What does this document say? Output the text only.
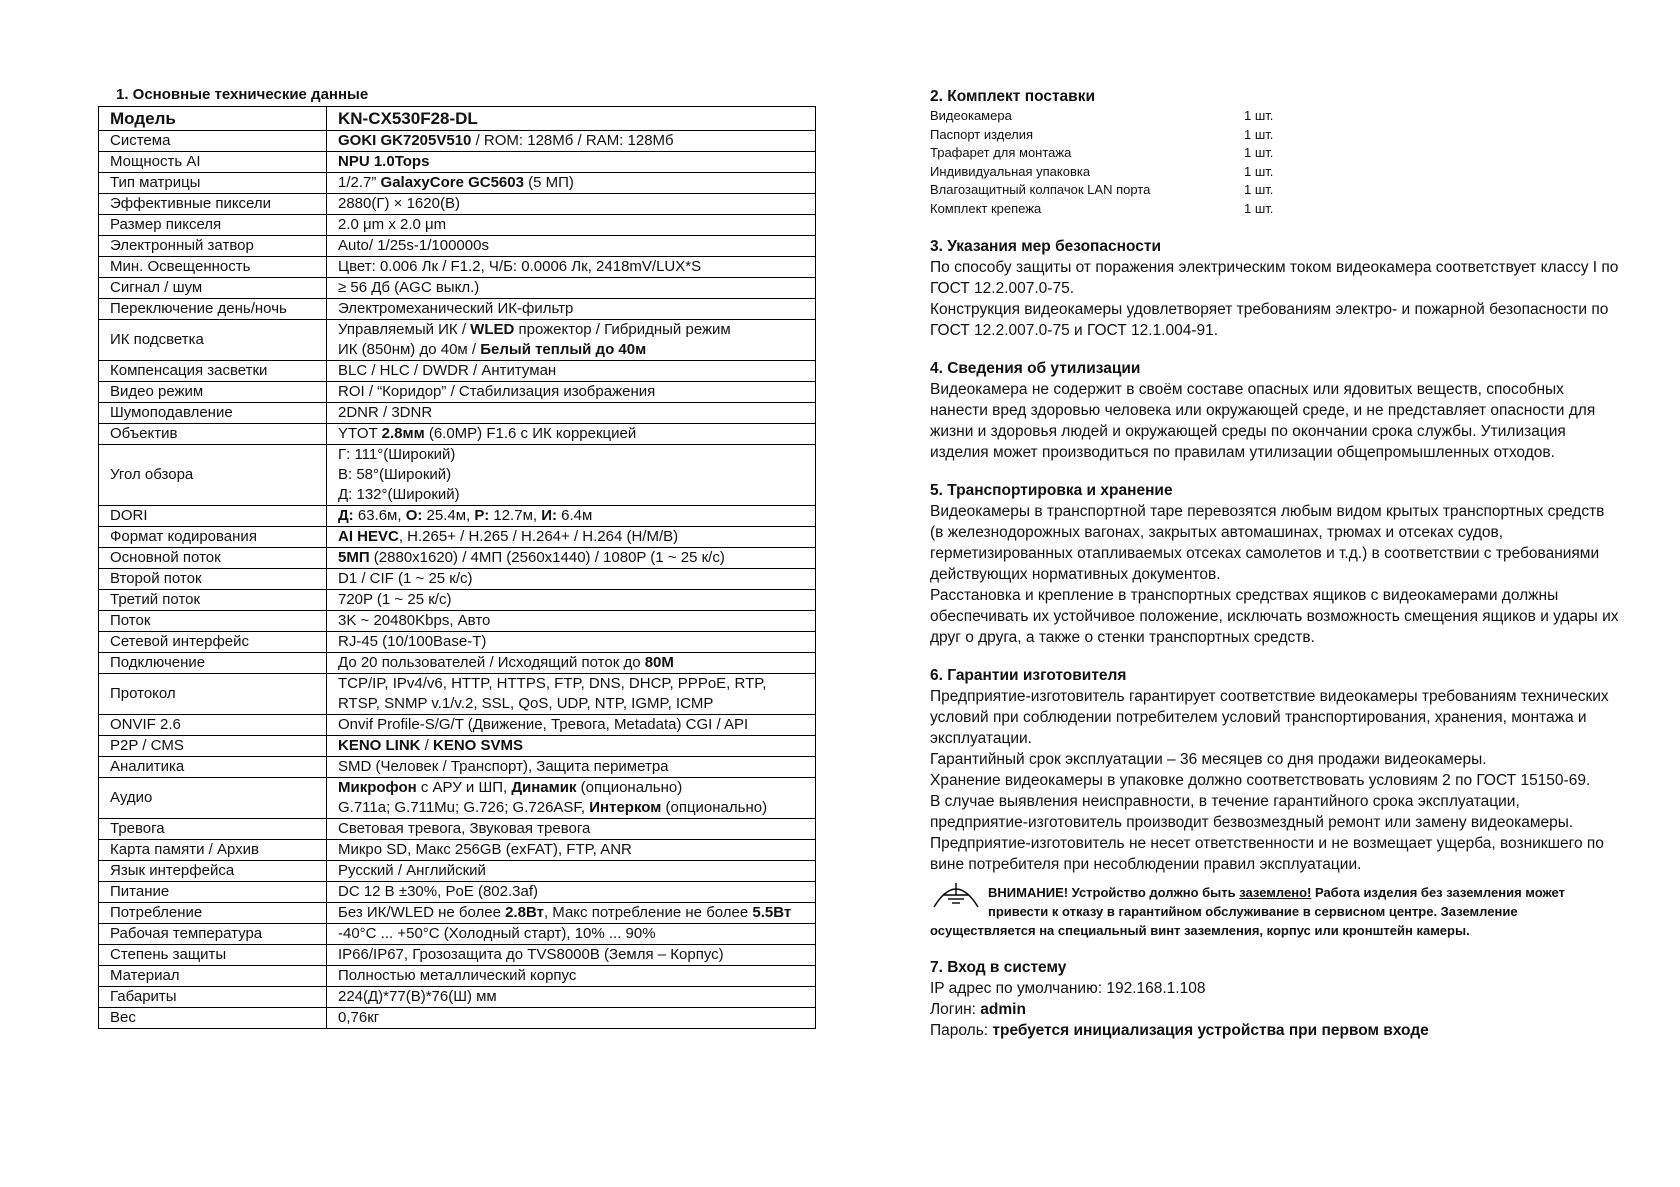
1. Основные технические данные
Модель	KN-CX530F28-DL
Система	GOKI GK7205V510 / ROM: 128Мб / RAM: 128Мб
Мощность AI	NPU 1.0Tops
Тип матрицы	1/2.7” GalaxyCore GC5603 (5 МП)
Эффективные пиксели	2880(Г) × 1620(В)
Размер пикселя	2.0 μm x 2.0 μm
Электронный затвор	Auto/ 1/25s-1/100000s
Мин. Освещенность	Цвет: 0.006 Лк / F1.2, Ч/Б: 0.0006 Лк, 2418mV/LUX*S
Сигнал / шум	≥ 56 Дб (AGC выкл.)
Переключение день/ночь	Электромеханический ИК-фильтр
ИК подсветка	Управляемый ИК / WLED прожектор / Гибридный режим
ИК (850нм) до 40м / Белый теплый до 40м
Компенсация засветки	BLC / HLC / DWDR / Антитуман
Видео режим	ROI / “Коридор” / Стабилизация изображения
Шумоподавление	2DNR / 3DNR
Объектив	YTOT 2.8мм (6.0MP) F1.6 с ИК коррекцией
Угол обзора	Г: 111°(Широкий)
В: 58°(Широкий)
Д: 132°(Широкий)
DORI	Д: 63.6м, О: 25.4м, Р: 12.7м, И: 6.4м
Формат кодирования	AI HEVC, H.265+ / H.265 / H.264+ / H.264 (H/M/B)
Основной поток	5МП (2880x1620) / 4МП (2560x1440) / 1080P (1 ~ 25 к/с)
Второй поток	D1 / CIF (1 ~ 25 к/с)
Третий поток	720P (1 ~ 25 к/с)
Поток	3K ~ 20480Kbps, Авто
Сетевой интерфейс	RJ-45 (10/100Base-T)
Подключение	До 20 пользователей / Исходящий поток до 80М
Протокол	TCP/IP, IPv4/v6, HTTP, HTTPS, FTP, DNS, DHCP, PPPoE, RTP,
RTSP, SNMP v.1/v.2, SSL, QoS, UDP, NTP, IGMP, ICMP
ONVIF 2.6	Onvif Profile-S/G/T (Движение, Тревога, Metadata) CGI / API
P2P / CMS	KENO LINK / KENO SVMS
Аналитика	SMD (Человек / Транспорт), Защита периметра
Аудио	Микрофон с АРУ и ШП, Динамик (опционально)
G.711a; G.711Mu; G.726; G.726ASF, Интерком (опционально)
Тревога	Световая тревога, Звуковая тревога
Карта памяти / Архив	Микро SD, Макс 256GB (exFAT), FTP, ANR
Язык интерфейса	Русский / Английский
Питание	DC 12 В ±30%, PoE (802.3af)
Потребление	Без ИК/WLED не более 2.8Вт, Макс потребление не более 5.5Вт
Рабочая температура	-40°C ... +50°C (Холодный старт), 10% ... 90%
Степень защиты	IP66/IP67, Грозозащита до TVS8000В (Земля – Корпус)
Материал	Полностью металлический корпус
Габариты	224(Д)*77(В)*76(Ш) мм
Вес	0,76кг
2. Комплект поставки
Видеокамера	1 шт.
Паспорт изделия	1 шт.
Трафарет для монтажа	1 шт.
Индивидуальная упаковка	1 шт.
Влагозащитный колпачок LAN порта	1 шт.
Комплект крепежа	1 шт.
3. Указания мер безопасности
По способу защиты от поражения электрическим током видеокамера соответствует классу I по ГОСТ 12.2.007.0-75.
Конструкция видеокамеры удовлетворяет требованиям электро- и пожарной безопасности по ГОСТ 12.2.007.0-75 и ГОСТ 12.1.004-91.
4. Сведения об утилизации
Видеокамера не содержит в своём составе опасных или ядовитых веществ, способных нанести вред здоровью человека или окружающей среде, и не представляет опасности для жизни и здоровья людей и окружающей среды по окончании срока службы. Утилизация изделия может производиться по правилам утилизации общепромышленных отходов.
5. Транспортировка и хранение
Видеокамеры в транспортной таре перевозятся любым видом крытых транспортных средств (в железнодорожных вагонах, закрытых автомашинах, трюмах и отсеках судов, герметизированных отапливаемых отсеках самолетов и т.д.) в соответствии с требованиями действующих нормативных документов.
Расстановка и крепление в транспортных средствах ящиков с видеокамерами должны обеспечивать их устойчивое положение, исключать возможность смещения ящиков и удары их друг о друга, а также о стенки транспортных средств.
6. Гарантии изготовителя
Предприятие-изготовитель гарантирует соответствие видеокамеры требованиям технических условий при соблюдении потребителем условий транспортирования, хранения, монтажа и эксплуатации.
Гарантийный срок эксплуатации – 36 месяцев со дня продажи видеокамеры.
Хранение видеокамеры в упаковке должно соответствовать условиям 2 по ГОСТ 15150-69.
В случае выявления неисправности, в течение гарантийного срока эксплуатации, предприятие-изготовитель производит безвозмездный ремонт или замену видеокамеры. Предприятие-изготовитель не несет ответственности и не возмещает ущерба, возникшего по вине потребителя при несоблюдении правил эксплуатации.
ВНИМАНИЕ! Устройство должно быть заземлено! Работа изделия без заземления может привести к отказу в гарантийном обслуживание в сервисном центре. Заземление осуществляется на специальный винт заземления, корпус или кронштейн камеры.
7. Вход в систему
IP адрес по умолчанию: 192.168.1.108
Логин: admin
Пароль: требуется инициализация устройства при первом входе
